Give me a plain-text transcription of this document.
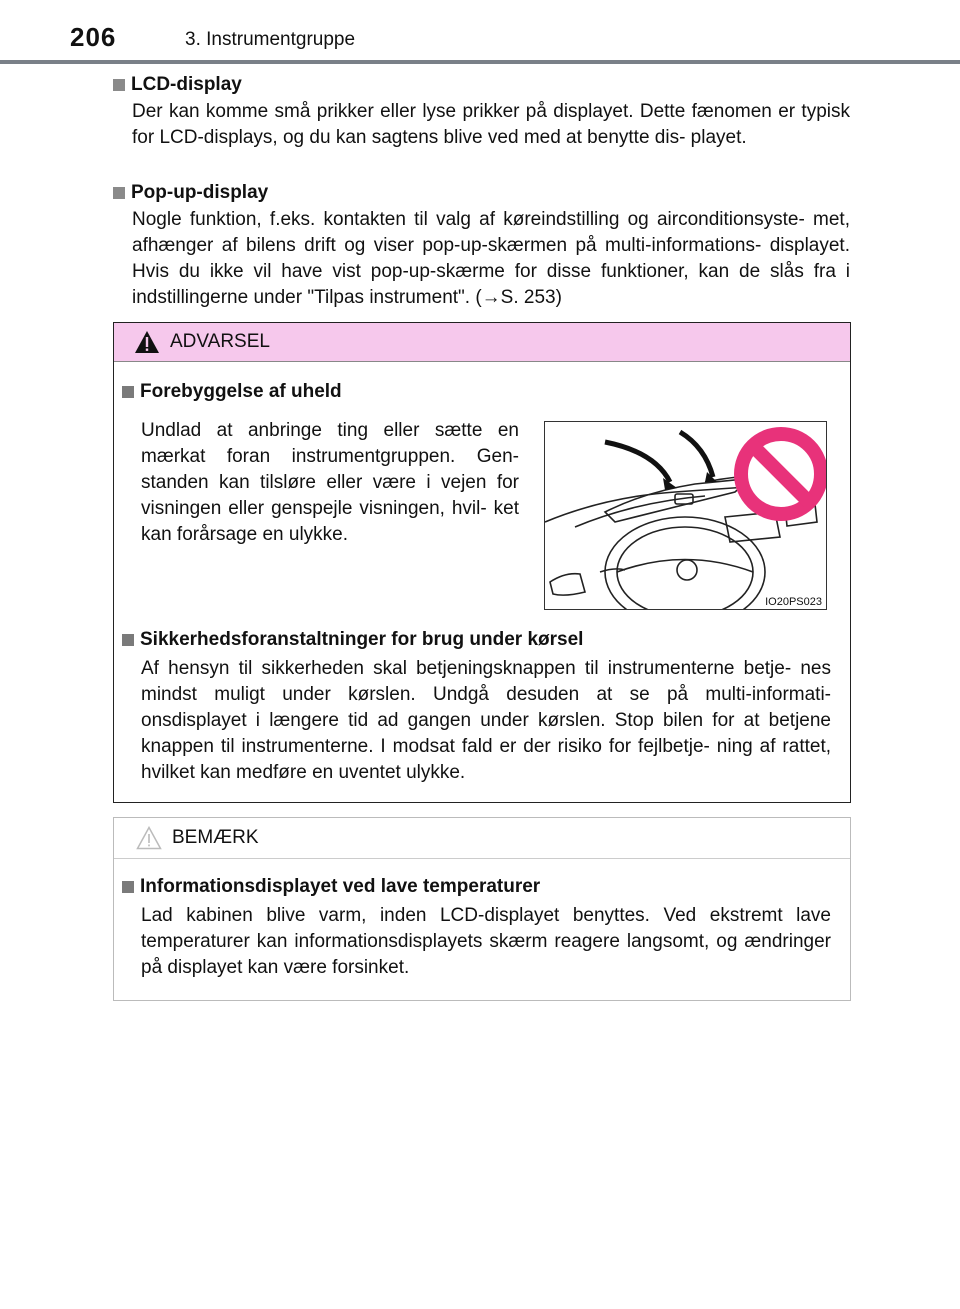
206	3. Instrumentgruppe
LCD-display
Der kan komme små prikker eller lyse prikker på displayet. Dette fænomen er typisk for LCD-displays, og du kan sagtens blive ved med at benytte dis- playet.
Pop-up-display
Nogle funktion, f.eks. kontakten til valg af køreindstilling og airconditionsyste- met, afhænger af bilens drift og viser pop-up-skærmen på multi-informations- displayet. Hvis du ikke vil have vist pop-up-skærme for disse funktioner, kan de slås fra i indstillingerne under "Tilpas instrument". (→S. 253)
ADVARSEL
Forebyggelse af uheld
Undlad at anbringe ting eller sætte en mærkat foran instrumentgruppen. Gen- standen kan tilsløre eller være i vejen for visningen eller genspejle visningen, hvil- ket kan forårsage en ulykke.
Sikkerhedsforanstaltninger for brug under kørsel
Af hensyn til sikkerheden skal betjeningsknappen til instrumenterne betje- nes mindst muligt under kørslen. Undgå desuden at se på multi-informati- onsdisplayet i længere tid ad gangen under kørslen. Stop bilen for at betjene knappen til instrumenterne. I modsat fald er der risiko for fejlbetje- ning af rattet, hvilket kan medføre en uventet ulykke.
IO20PS023
BEMÆRK
Informationsdisplayet ved lave temperaturer
Lad kabinen blive varm, inden LCD-displayet benyttes. Ved ekstremt lave temperaturer kan informationsdisplayets skærm reagere langsomt, og ændringer på displayet kan være forsinket.
